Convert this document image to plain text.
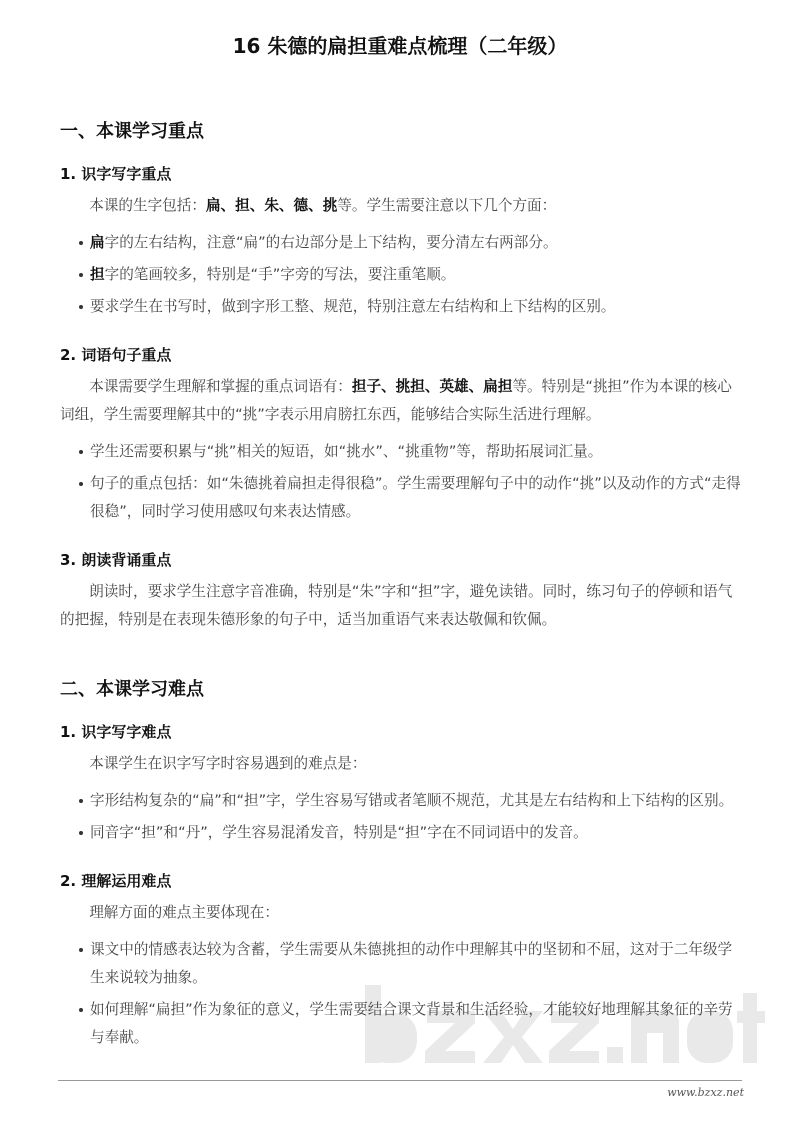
16 朱德的扁担重难点梳理（二年级）
一、本课学习重点
1. 识字写字重点
本课的生字包括：扁、担、朱、德、挑等。学生需要注意以下几个方面：
扁字的左右结构，注意“扁”的右边部分是上下结构，要分清左右两部分。
担字的笔画较多，特别是“手”字旁的写法，要注重笔顺。
要求学生在书写时，做到字形工整、规范，特别注意左右结构和上下结构的区别。
2. 词语句子重点
本课需要学生理解和掌握的重点词语有：担子、挑担、英雄、扁担等。特别是“挑担”作为本课的核心词组，学生需要理解其中的“挑”字表示用肩膀扛东西，能够结合实际生活进行理解。
学生还需要积累与“挑”相关的短语，如“挑水”、“挑重物”等，帮助拓展词汇量。
句子的重点包括：如“朱德挑着扁担走得很稳”。学生需要理解句子中的动作“挑”以及动作的方式“走得很稳”，同时学习使用感叹句来表达情感。
3. 朗读背诵重点
朗读时，要求学生注意字音准确，特别是“朱”字和“担”字，避免读错。同时，练习句子的停顿和语气的把握，特别是在表现朱德形象的句子中，适当加重语气来表达敬佩和钦佩。
二、本课学习难点
1. 识字写字难点
本课学生在识字写字时容易遇到的难点是：
字形结构复杂的“扁”和“担”字，学生容易写错或者笔顺不规范，尤其是左右结构和上下结构的区别。
同音字“担”和“丹”，学生容易混淆发音，特别是“担”字在不同词语中的发音。
2. 理解运用难点
理解方面的难点主要体现在：
课文中的情感表达较为含蓄，学生需要从朱德挑担的动作中理解其中的坚韧和不屈，这对于二年级学生来说较为抽象。
如何理解“扁担”作为象征的意义，学生需要结合课文背景和生活经验，才能较好地理解其象征的辛劳与奉献。
www.bzxz.net
